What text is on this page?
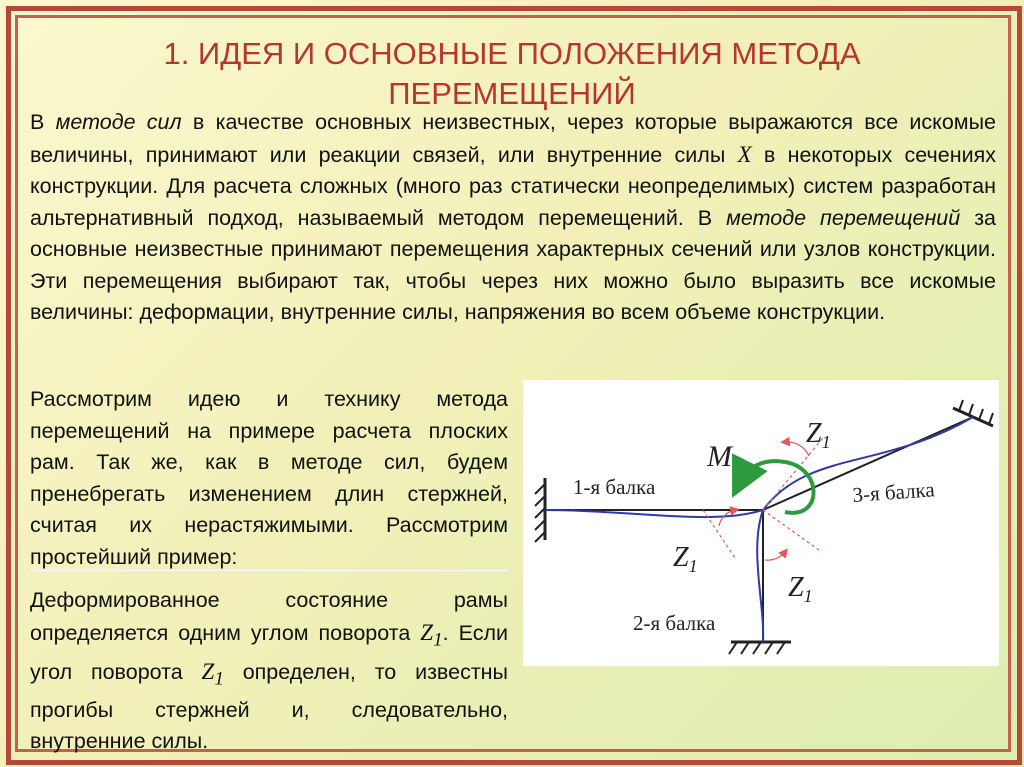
1. ИДЕЯ И ОСНОВНЫЕ ПОЛОЖЕНИЯ МЕТОДА
ПЕРЕМЕЩЕНИЙ
В методе сил в качестве основных неизвестных, через которые выражаются все искомые величины, принимают или реакции связей, или внутренние силы X в некоторых сечениях конструкции. Для расчета сложных (много раз статически неопределимых) систем разработан альтернативный подход, называемый методом перемещений. В методе перемещений за основные неизвестные принимают перемещения характерных сечений или узлов конструкции. Эти перемещения выбирают так, чтобы через них можно было выразить все искомые величины: деформации, внутренние силы, напряжения во всем объеме конструкции.
Рассмотрим идею и технику метода перемещений на примере расчета плоских рам. Так же, как в методе сил, будем пренебрегать изменением длин стержней, считая их нерастяжимыми. Рассмотрим простейший пример:
Деформированное состояние рамы определяется одним углом поворота $Z_1$. Если угол поворота $Z_1$ определен, то известны прогибы стержней и, следовательно, внутренние силы.
1-я балка
2-я балка
3-я балка
M
$Z_1$
$Z_1$
$Z_1$
